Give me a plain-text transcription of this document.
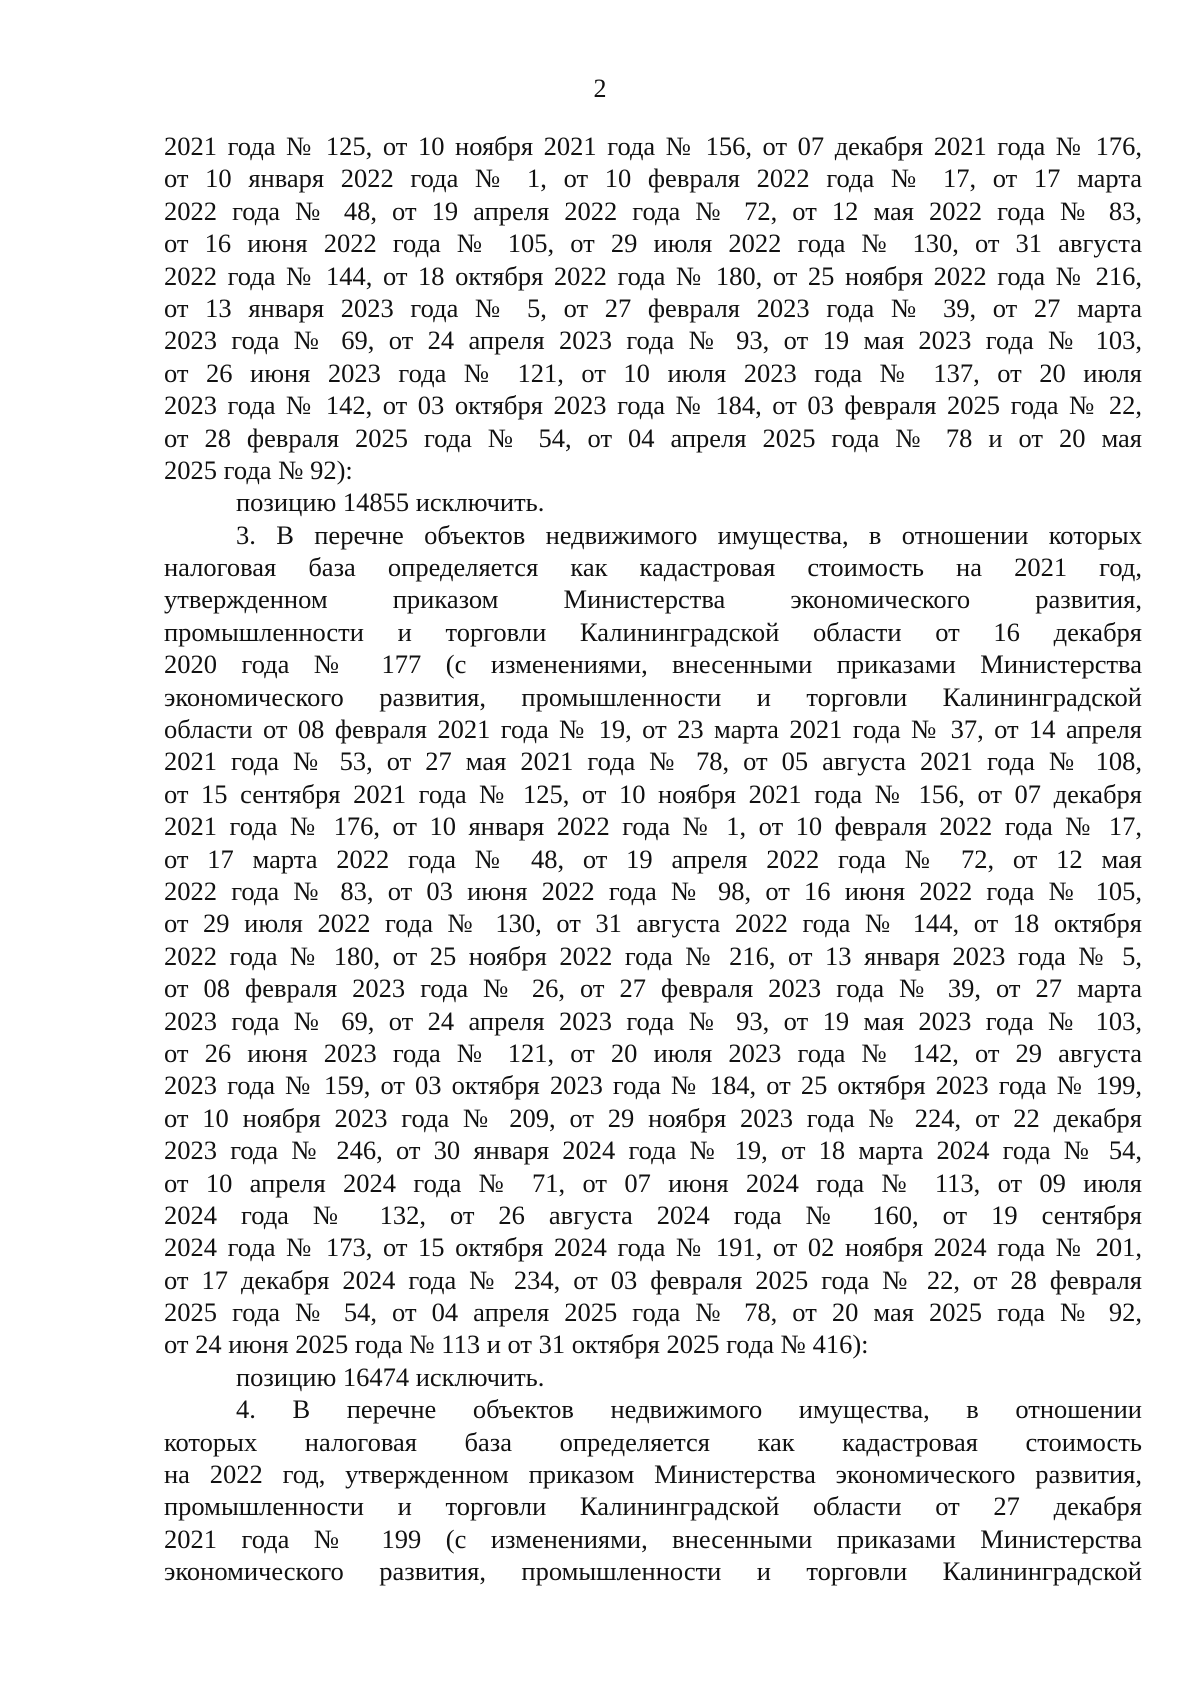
2
2021 года № 125, от 10 ноября 2021 года № 156, от 07 декабря 2021 года № 176,
от 10 января 2022 года № 1, от 10 февраля 2022 года № 17, от 17 марта
2022 года № 48, от 19 апреля 2022 года № 72, от 12 мая 2022 года № 83,
от 16 июня 2022 года № 105, от 29 июля 2022 года № 130, от 31 августа
2022 года № 144, от 18 октября 2022 года № 180, от 25 ноября 2022 года № 216,
от 13 января 2023 года № 5, от 27 февраля 2023 года № 39, от 27 марта
2023 года № 69, от 24 апреля 2023 года № 93, от 19 мая 2023 года № 103,
от 26 июня 2023 года № 121, от 10 июля 2023 года № 137, от 20 июля
2023 года № 142, от 03 октября 2023 года № 184, от 03 февраля 2025 года № 22,
от 28 февраля 2025 года № 54, от 04 апреля 2025 года № 78 и от 20 мая
2025 года № 92):
позицию 14855 исключить.
3. В перечне объектов недвижимого имущества, в отношении которых
налоговая база определяется как кадастровая стоимость на 2021 год,
утвержденном приказом Министерства экономического развития,
промышленности и торговли Калининградской области от 16 декабря
2020 года № 177 (с изменениями, внесенными приказами Министерства
экономического развития, промышленности и торговли Калининградской
области от 08 февраля 2021 года № 19, от 23 марта 2021 года № 37, от 14 апреля
2021 года № 53, от 27 мая 2021 года № 78, от 05 августа 2021 года № 108,
от 15 сентября 2021 года № 125, от 10 ноября 2021 года № 156, от 07 декабря
2021 года № 176, от 10 января 2022 года № 1, от 10 февраля 2022 года № 17,
от 17 марта 2022 года № 48, от 19 апреля 2022 года № 72, от 12 мая
2022 года № 83, от 03 июня 2022 года № 98, от 16 июня 2022 года № 105,
от 29 июля 2022 года № 130, от 31 августа 2022 года № 144, от 18 октября
2022 года № 180, от 25 ноября 2022 года № 216, от 13 января 2023 года № 5,
от 08 февраля 2023 года № 26, от 27 февраля 2023 года № 39, от 27 марта
2023 года № 69, от 24 апреля 2023 года № 93, от 19 мая 2023 года № 103,
от 26 июня 2023 года № 121, от 20 июля 2023 года № 142, от 29 августа
2023 года № 159, от 03 октября 2023 года № 184, от 25 октября 2023 года № 199,
от 10 ноября 2023 года № 209, от 29 ноября 2023 года № 224, от 22 декабря
2023 года № 246, от 30 января 2024 года № 19, от 18 марта 2024 года № 54,
от 10 апреля 2024 года № 71, от 07 июня 2024 года № 113, от 09 июля
2024 года № 132, от 26 августа 2024 года № 160, от 19 сентября
2024 года № 173, от 15 октября 2024 года № 191, от 02 ноября 2024 года № 201,
от 17 декабря 2024 года № 234, от 03 февраля 2025 года № 22, от 28 февраля
2025 года № 54, от 04 апреля 2025 года № 78, от 20 мая 2025 года № 92,
от 24 июня 2025 года № 113 и от 31 октября 2025 года № 416):
позицию 16474 исключить.
4. В перечне объектов недвижимого имущества, в отношении
которых налоговая база определяется как кадастровая стоимость
на 2022 год, утвержденном приказом Министерства экономического развития,
промышленности и торговли Калининградской области от 27 декабря
2021 года № 199 (с изменениями, внесенными приказами Министерства
экономического развития, промышленности и торговли Калининградской
